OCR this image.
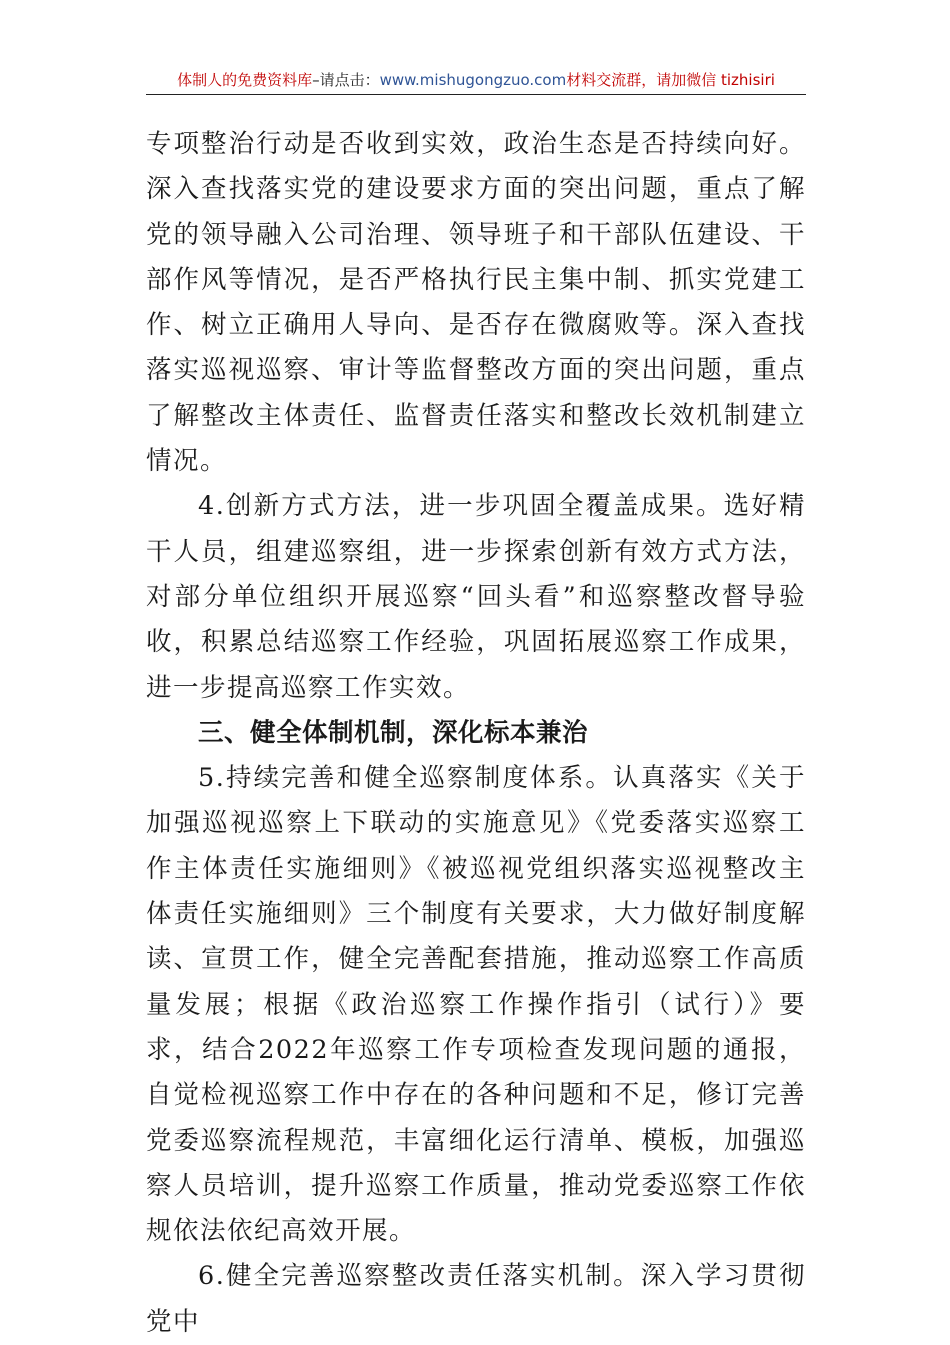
体制人的免费资料库–请点击：www.mishugongzuo.com材料交流群，请加微信 tizhisiri

专项整治行动是否收到实效，政治生态是否持续向好。深入查找落实党的建设要求方面的突出问题，重点了解党的领导融入公司治理、领导班子和干部队伍建设、干部作风等情况，是否严格执行民主集中制、抓实党建工作、树立正确用人导向、是否存在微腐败等。深入查找落实巡视巡察、审计等监督整改方面的突出问题，重点了解整改主体责任、监督责任落实和整改长效机制建立情况。

4.创新方式方法，进一步巩固全覆盖成果。选好精干人员，组建巡察组，进一步探索创新有效方式方法，对部分单位组织开展巡察“回头看”和巡察整改督导验收，积累总结巡察工作经验，巩固拓展巡察工作成果，进一步提高巡察工作实效。

三、健全体制机制，深化标本兼治

5.持续完善和健全巡察制度体系。认真落实《关于加强巡视巡察上下联动的实施意见》《党委落实巡察工作主体责任实施细则》《被巡视党组织落实巡视整改主体责任实施细则》三个制度有关要求，大力做好制度解读、宣贯工作，健全完善配套措施，推动巡察工作高质量发展；根据《政治巡察工作操作指引（试行）》要求，结合2022年巡察工作专项检查发现问题的通报，自觉检视巡察工作中存在的各种问题和不足，修订完善党委巡察流程规范，丰富细化运行清单、模板，加强巡察人员培训，提升巡察工作质量，推动党委巡察工作依规依法依纪高效开展。

6.健全完善巡察整改责任落实机制。深入学习贯彻党中
